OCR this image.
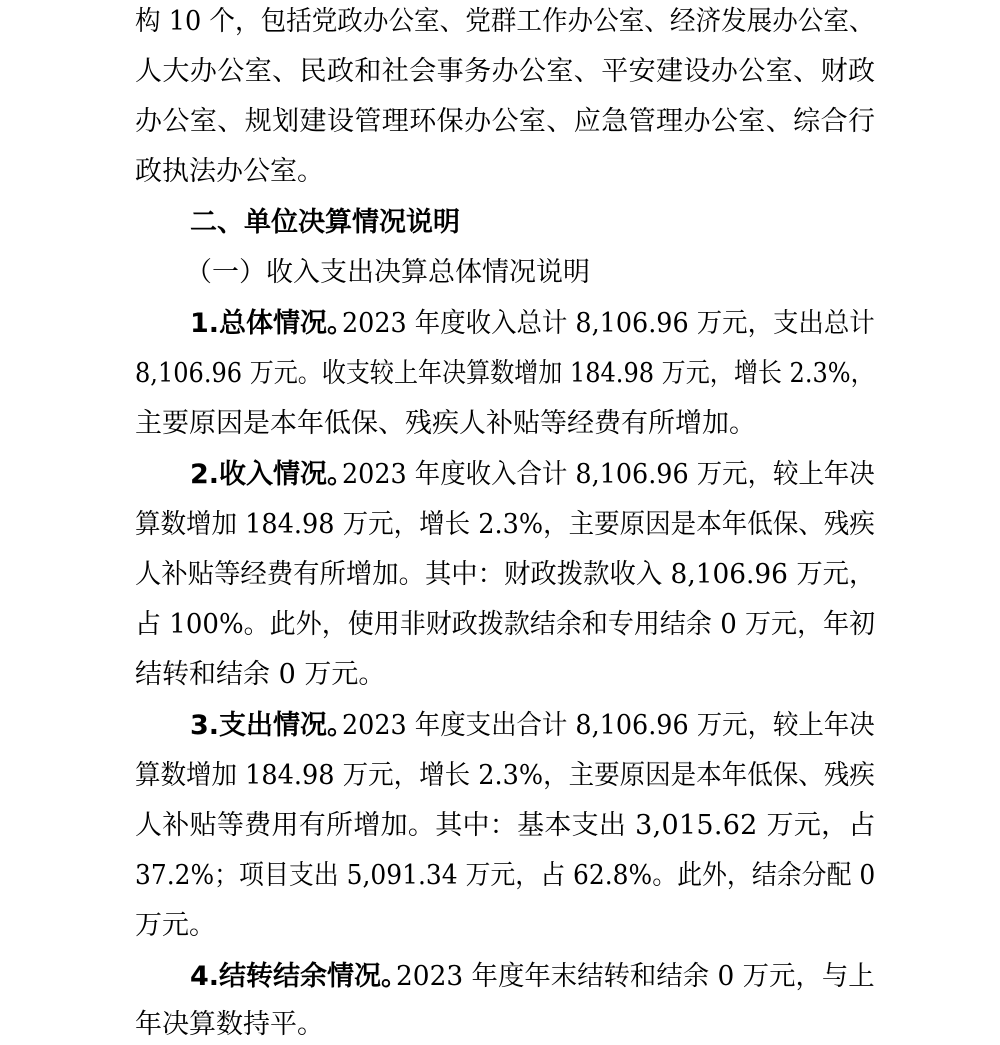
构 10 个，包括党政办公室、党群工作办公室、经济发展办公室、
人大办公室、民政和社会事务办公室、平安建设办公室、财政
办公室、规划建设管理环保办公室、应急管理办公室、综合行
政执法办公室。
二、单位决算情况说明
（一）收入支出决算总体情况说明
1.总体情况。
2023 年度收入总计 8,106.96 万元，支出总计
8,106.96 万元。收支较上年决算数增加 184.98 万元，增长 2.3%，
主要原因是本年低保、残疾人补贴等经费有所增加。
2.收入情况。
2023 年度收入合计 8,106.96 万元，较上年决
算数增加 184.98 万元，增长 2.3%，主要原因是本年低保、残疾
人补贴等经费有所增加。其中：财政拨款收入 8,106.96 万元，
占 100%。此外，使用非财政拨款结余和专用结余 0 万元，年初
结转和结余 0 万元。
3.支出情况。
2023 年度支出合计 8,106.96 万元，较上年决
算数增加 184.98 万元，增长 2.3%，主要原因是本年低保、残疾
人补贴等费用有所增加。其中：基本支出 3,015.62 万元，占
37.2%；项目支出 5,091.34 万元，占 62.8%。此外，结余分配 0
万元。
4.结转结余情况。
2023 年度年末结转和结余 0 万元，与上
年决算数持平。
